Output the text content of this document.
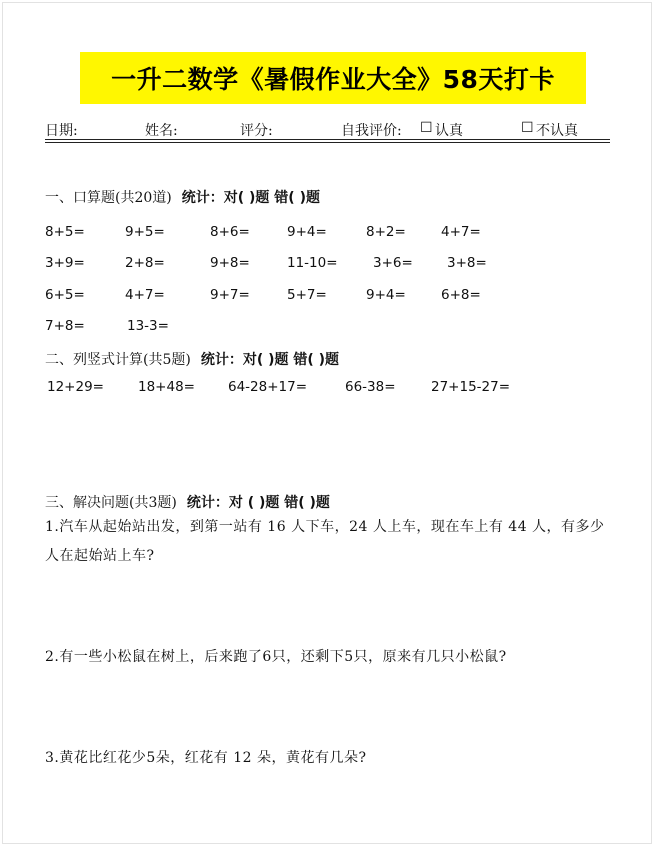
一升二数学《暑假作业大全》58天打卡
日期:	姓名:	评分:	自我评价: ☐ 认真	☐ 不认真
一、口算题(共20道) 统计：对( )题 错( )题
8+5=	9+5=	8+6=	9+4=	8+2=	4+7=
3+9=	2+8=	9+8=	11-10=	3+6=	3+8=
6+5=	4+7=	9+7=	5+7=	9+4=	6+8=
7+8=	13-3=
二、列竖式计算(共5题) 统计：对( )题 错( )题
12+29=	18+48= 64-28+17=	66-38=	27+15-27=
三、解决问题(共3题) 统计：对 ( )题 错( )题
1.汽车从起始站出发，到第一站有 16 人下车，24 人上车，现在车上有 44 人，有多少人在起始站上车?
2.有一些小松鼠在树上，后来跑了6只，还剩下5只，原来有几只小松鼠?
3.黄花比红花少5朵，红花有 12 朵，黄花有几朵?
